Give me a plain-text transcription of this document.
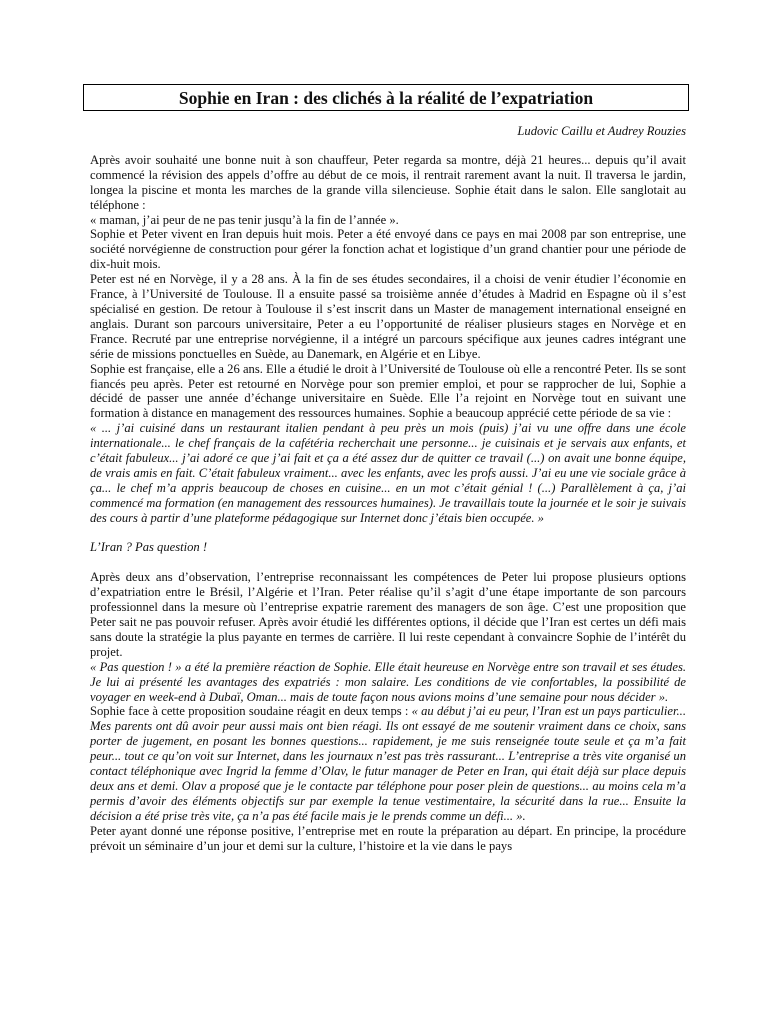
Sophie en Iran : des clichés à la réalité de l’expatriation
Ludovic Caillu et Audrey Rouzies

Après avoir souhaité une bonne nuit à son chauffeur, Peter regarda sa montre, déjà 21 heures... depuis qu’il avait commencé la révision des appels d’offre au début de ce mois, il rentrait rarement avant la nuit. Il traversa le jardin, longea la piscine et monta les marches de la grande villa silencieuse. Sophie était dans le salon. Elle sanglotait au téléphone :

« maman, j’ai peur de ne pas tenir jusqu’à la fin de l’année ».

Sophie et Peter vivent en Iran depuis huit mois. Peter a été envoyé dans ce pays en mai 2008 par son entreprise, une société norvégienne de construction pour gérer la fonction achat et logistique d’un grand chantier pour une période de dix-huit mois.

Peter est né en Norvège, il y a 28 ans. À la fin de ses études secondaires, il a choisi de venir étudier l’économie en France, à l’Université de Toulouse. Il a ensuite passé sa troisième année d’études à Madrid en Espagne où il s’est spécialisé en gestion. De retour à Toulouse il s’est inscrit dans un Master de management international enseigné en anglais. Durant son parcours universitaire, Peter a eu l’opportunité de réaliser plusieurs stages en Norvège et en France. Recruté par une entreprise norvégienne, il a intégré un parcours spécifique aux jeunes cadres intégrant une série de missions ponctuelles en Suède, au Danemark, en Algérie et en Libye.

Sophie est française, elle a 26 ans. Elle a étudié le droit à l’Université de Toulouse où elle a rencontré Peter. Ils se sont fiancés peu après. Peter est retourné en Norvège pour son premier emploi, et pour se rapprocher de lui, Sophie a décidé de passer une année d’échange universitaire en Suède. Elle l’a rejoint en Norvège tout en suivant une formation à distance en management des ressources humaines. Sophie a beaucoup apprécié cette période de sa vie :

« ... j’ai cuisiné dans un restaurant italien pendant à peu près un mois (puis) j’ai vu une offre dans une école internationale... le chef français de la cafétéria recherchait une personne... je cuisinais et je servais aux enfants, et c’était fabuleux... j’ai adoré ce que j’ai fait et ça a été assez dur de quitter ce travail (...) on avait une bonne équipe, de vrais amis en fait. C’était fabuleux vraiment... avec les enfants, avec les profs aussi. J’ai eu une vie sociale grâce à ça... le chef m’a appris beaucoup de choses en cuisine... en un mot c’était génial ! (...) Parallèlement à ça, j’ai commencé ma formation (en management des ressources humaines). Je travaillais toute la journée et le soir je suivais des cours à partir d’une plateforme pédagogique sur Internet donc j’étais bien occupée. »

L’Iran ? Pas question !

Après deux ans d’observation, l’entreprise reconnaissant les compétences de Peter lui propose plusieurs options d’expatriation entre le Brésil, l’Algérie et l’Iran. Peter réalise qu’il s’agit d’une étape importante de son parcours professionnel dans la mesure où l’entreprise expatrie rarement des managers de son âge. C’est une proposition que Peter sait ne pas pouvoir refuser. Après avoir étudié les différentes options, il décide que l’Iran est certes un défi mais sans doute la stratégie la plus payante en termes de carrière. Il lui reste cependant à convaincre Sophie de l’intérêt du projet.

« Pas question ! » a été la première réaction de Sophie. Elle était heureuse en Norvège entre son travail et ses études. Je lui ai présenté les avantages des expatriés : mon salaire. Les conditions de vie confortables, la possibilité de voyager en week-end à Dubaï, Oman... mais de toute façon nous avions moins d’une semaine pour nous décider ».

Sophie face à cette proposition soudaine réagit en deux temps : « au début j’ai eu peur, l’Iran est un pays particulier... Mes parents ont dû avoir peur aussi mais ont bien réagi. Ils ont essayé de me soutenir vraiment dans ce choix, sans porter de jugement, en posant les bonnes questions... rapidement, je me suis renseignée toute seule et ça m’a fait peur... tout ce qu’on voit sur Internet, dans les journaux n’est pas très rassurant... L’entreprise a très vite organisé un contact téléphonique avec Ingrid la femme d’Olav, le futur manager de Peter en Iran, qui était déjà sur place depuis deux ans et demi. Olav a proposé que je le contacte par téléphone pour poser plein de questions... au moins cela m’a permis d’avoir des éléments objectifs sur par exemple la tenue vestimentaire, la sécurité dans la rue... Ensuite la décision a été prise très vite, ça n’a pas été facile mais je le prends comme un défi... ».

Peter ayant donné une réponse positive, l’entreprise met en route la préparation au départ. En principe, la procédure prévoit un séminaire d’un jour et demi sur la culture, l’histoire et la vie dans le pays
